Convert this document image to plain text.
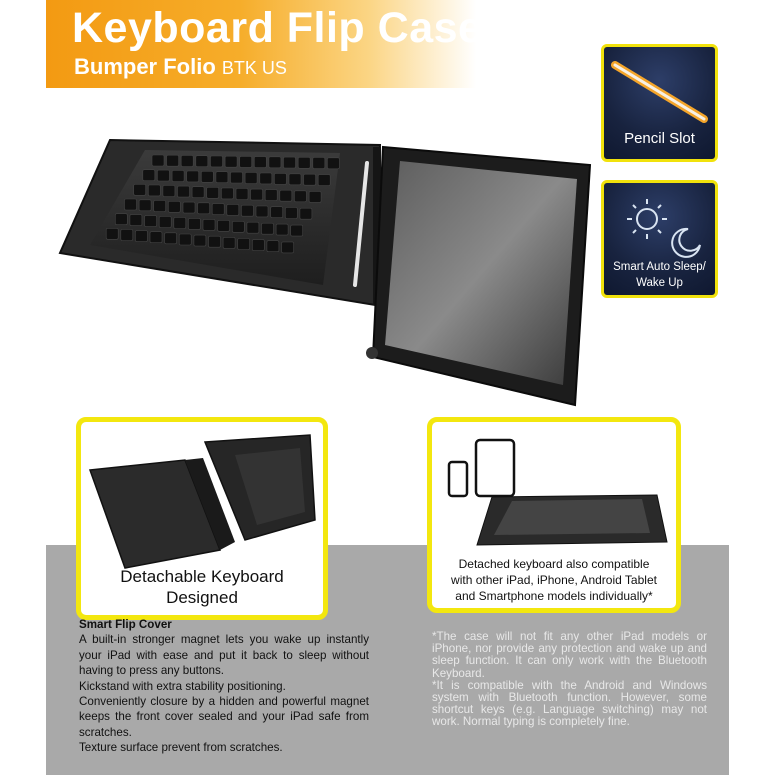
Keyboard Flip Case
Bumper Folio BTK US
Pencil Slot
Smart Auto Sleep/
Wake Up
Detachable Keyboard
Designed
Detached keyboard also compatible
with other iPad, iPhone, Android Tablet
and Smartphone models individually*
Smart Flip Cover
A built-in stronger magnet lets you wake up instantly your iPad with ease and put it back to sleep without having to press any buttons.
Kickstand with extra stability positioning.
Conveniently closure by a hidden and powerful magnet keeps the front cover sealed and your iPad safe from scratches.
Texture surface prevent from scratches.

*The case will not fit any other iPad models or iPhone, nor provide any protection and wake up and sleep function. It can only work with the Bluetooth Keyboard.

*It is compatible with the Android and Windows system with Bluetooth function. However, some shortcut keys (e.g. Language switching) may not work. Normal typing is completely fine.
